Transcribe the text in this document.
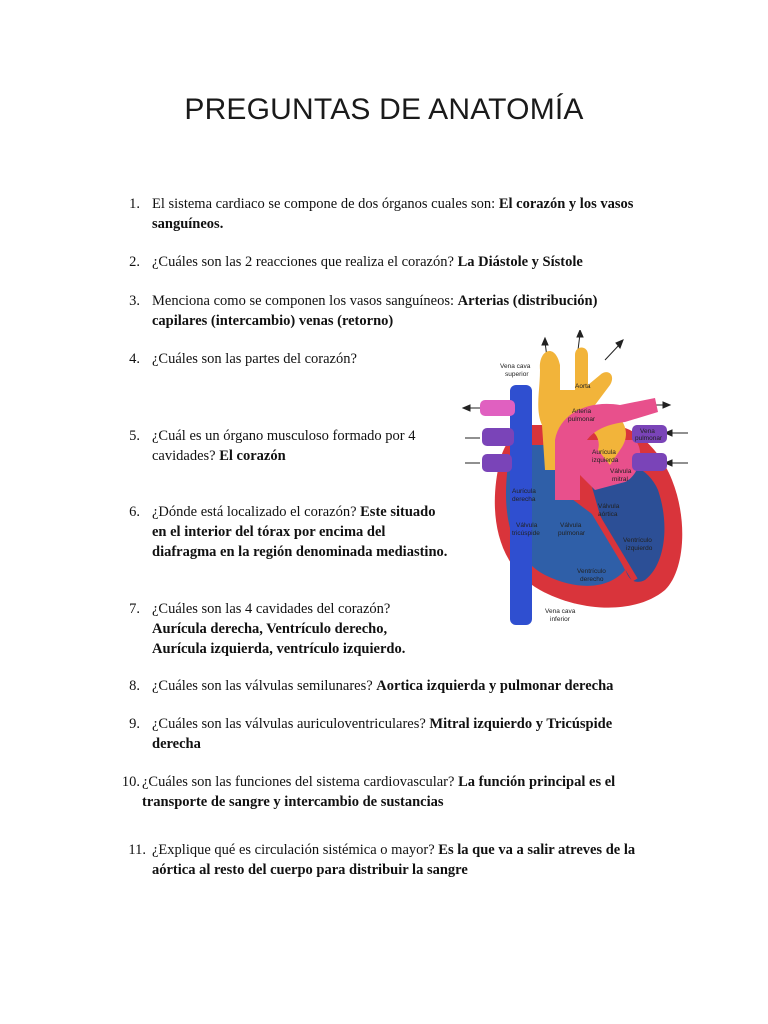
PREGUNTAS DE ANATOMÍA
1. El sistema cardiaco se compone de dos órganos cuales son: El corazón y los vasos sanguíneos.
2. ¿Cuáles son las 2 reacciones que realiza el corazón? La Diástole y Sístole
3. Menciona como se componen los vasos sanguíneos: Arterias (distribución) capilares (intercambio) venas (retorno)
4. ¿Cuáles son las partes del corazón?
5. ¿Cuál es un órgano musculoso formado por 4 cavidades? El corazón
6. ¿Dónde está localizado el corazón? Este situado en el interior del tórax por encima del diafragma en la región denominada mediastino.
7. ¿Cuáles son las 4 cavidades del corazón? Aurícula derecha, Ventrículo derecho, Aurícula izquierda, ventrículo izquierdo.
8. ¿Cuáles son las válvulas semilunares? Aortica izquierda y pulmonar derecha
9. ¿Cuáles son las válvulas auriculoventriculares? Mitral izquierdo y Tricúspide derecha
10. ¿Cuáles son las funciones del sistema cardiovascular? La función principal es el transporte de sangre y intercambio de sustancias
11. ¿Explique qué es circulación sistémica o mayor? Es la que va a salir atreves de la aórtica al resto del cuerpo para distribuir la sangre
Vena cava
superior
Aorta
Arteria
pulmonar
Vena
pulmonar
Aurícula
izquierda
Válvula
mitral
Aurícula
derecha
Válvula
aórtica
Válvula
tricúspide
Válvula
pulmonar
Ventrículo
izquierdo
Ventrículo
derecho
Vena cava
inferior
